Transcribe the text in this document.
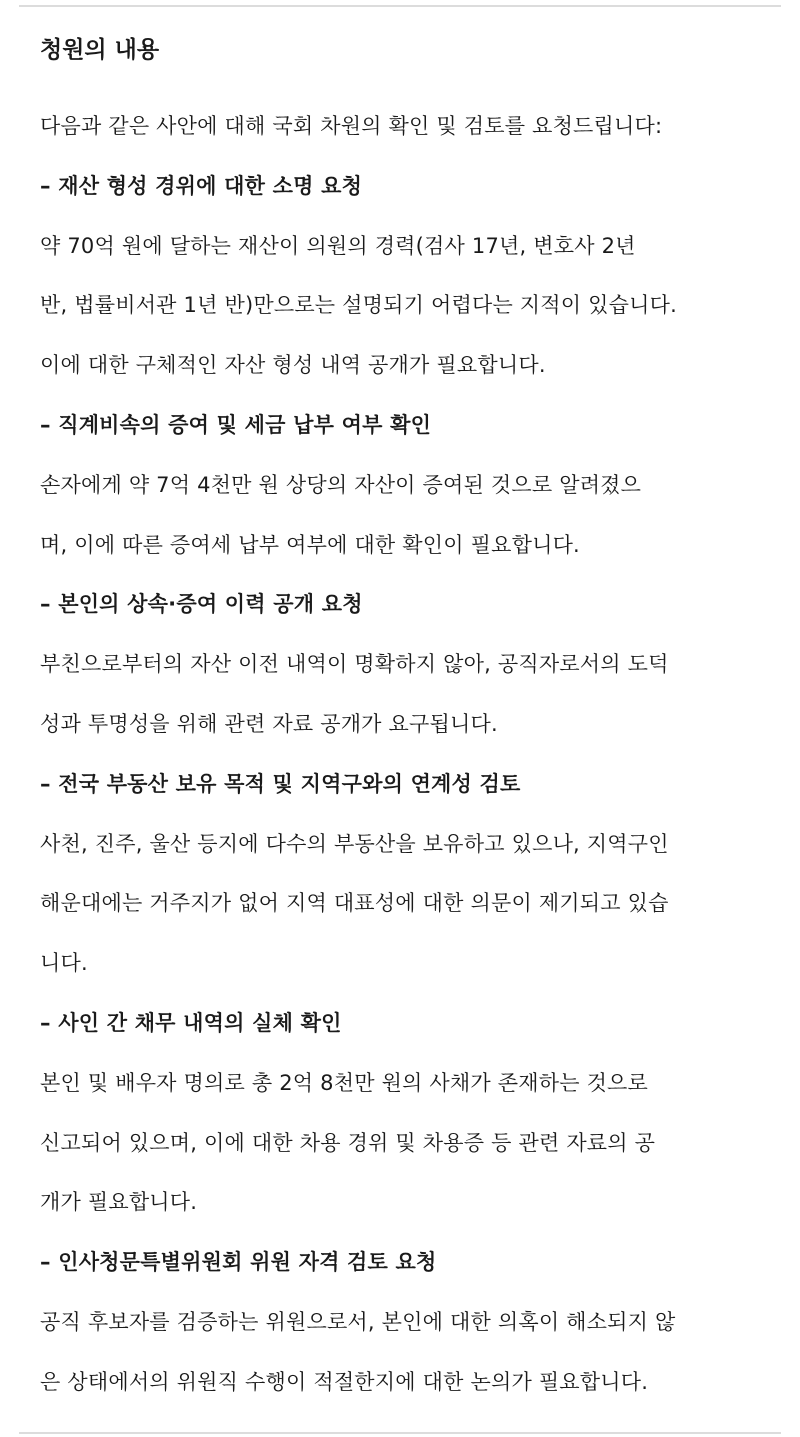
청원의 내용
다음과 같은 사안에 대해 국회 차원의 확인 및 검토를 요청드립니다:
– 재산 형성 경위에 대한 소명 요청
약 70억 원에 달하는 재산이 의원의 경력(검사 17년, 변호사 2년
반, 법률비서관 1년 반)만으로는 설명되기 어렵다는 지적이 있습니다.
이에 대한 구체적인 자산 형성 내역 공개가 필요합니다.
– 직계비속의 증여 및 세금 납부 여부 확인
손자에게 약 7억 4천만 원 상당의 자산이 증여된 것으로 알려졌으
며, 이에 따른 증여세 납부 여부에 대한 확인이 필요합니다.
– 본인의 상속·증여 이력 공개 요청
부친으로부터의 자산 이전 내역이 명확하지 않아, 공직자로서의 도덕
성과 투명성을 위해 관련 자료 공개가 요구됩니다.
– 전국 부동산 보유 목적 및 지역구와의 연계성 검토
사천, 진주, 울산 등지에 다수의 부동산을 보유하고 있으나, 지역구인
해운대에는 거주지가 없어 지역 대표성에 대한 의문이 제기되고 있습
니다.
– 사인 간 채무 내역의 실체 확인
본인 및 배우자 명의로 총 2억 8천만 원의 사채가 존재하는 것으로
신고되어 있으며, 이에 대한 차용 경위 및 차용증 등 관련 자료의 공
개가 필요합니다.
– 인사청문특별위원회 위원 자격 검토 요청
공직 후보자를 검증하는 위원으로서, 본인에 대한 의혹이 해소되지 않
은 상태에서의 위원직 수행이 적절한지에 대한 논의가 필요합니다.
